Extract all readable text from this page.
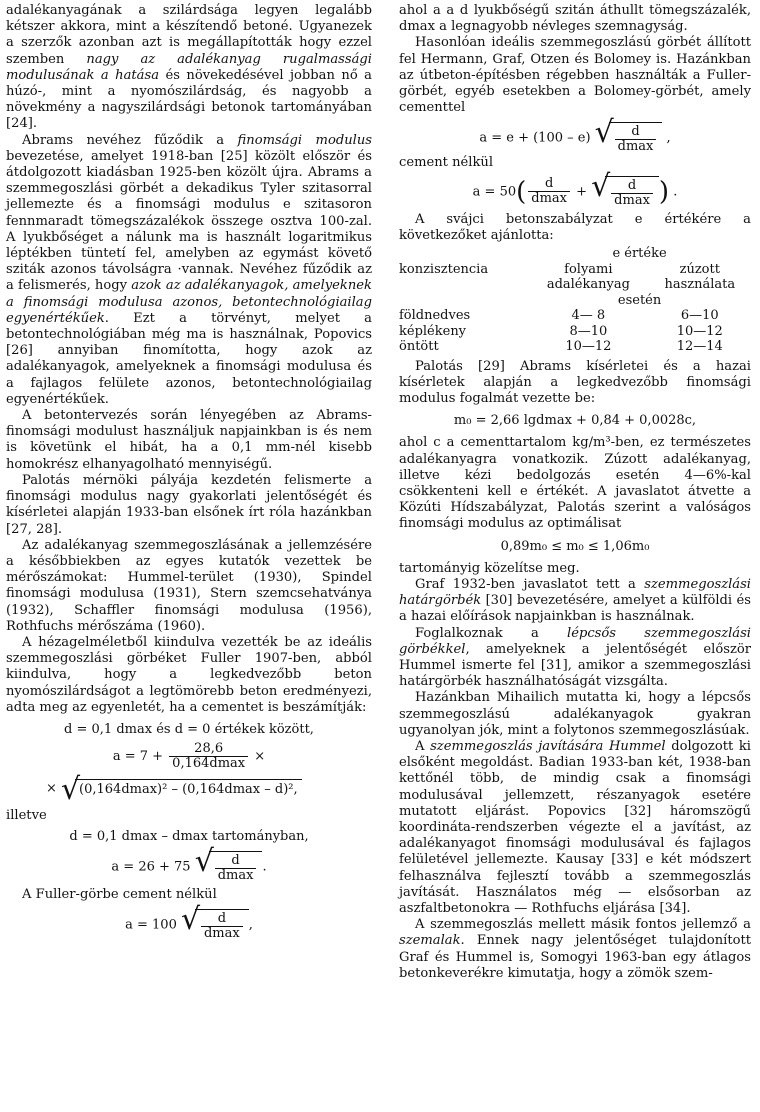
adalékanyagának a szilárdsága legyen legalább kétszer akkora, mint a készítendő betoné. Ugyanezek a szerzők azonban azt is megállapították hogy ezzel szemben nagy az adalékanyag rugalmassági modulusának a hatása és növekedésével jobban nő a húzó-, mint a nyomószilárdság, és nagyobb a növekmény a nagyszilárdsági betonok tartományában [24].

Abrams nevéhez fűződik a finomsági modulus bevezetése, amelyet 1918-ban [25] közölt először és átdolgozott kiadásban 1925-ben közölt újra. Abrams a szemmegoszlási görbét a dekadikus Tyler szitasorral jellemezte és a finomsági modulus e szitasoron fennmaradt tömegszázalékok összege osztva 100-zal. A lyukbőséget a nálunk ma is használt logaritmikus léptékben tüntetí fel, amelyben az egymást követő sziták azonos távolságra ·vannak. Nevéhez fűződik az a felismerés, hogy azok az adalékanyagok, amelyeknek a finomsági modulusa azonos, betontechnológiailag egyenértékűek. Ezt a törvényt, melyet a betontechnológiában még ma is használnak, Popovics [26] annyiban finomította, hogy azok az adalékanyagok, amelyeknek a finomsági modulusa és a fajlagos felülete azonos, betontechnológiailag egyenértékűek.

A betontervezés során lényegében az Abrams-finomsági modulust használjuk napjainkban is és nem is követünk el hibát, ha a 0,1 mm-nél kisebb homokrész elhanyagolható mennyiségű.

Palotás mérnöki pályája kezdetén felismerte a finomsági modulus nagy gyakorlati jelentőségét és kísérletei alapján 1933-ban elsőnek írt róla hazánkban [27, 28].

Az adalékanyag szemmegoszlásának a jellemzésére a későbbiekben az egyes kutatók vezettek be mérőszámokat: Hummel-terület (1930), Spindel finomsági modulusa (1931), Stern szemcsehatványa (1932), Schaffler finomsági modulusa (1956), Rothfuchs mérőszáma (1960).

A hézagelméletből kiindulva vezették be az ideális szemmegoszlási görbéket Fuller 1907-ben, abból kiindulva, hogy a legkedvezőbb beton nyomószilárdságot a legtömörebb beton eredményezi, adta meg az egyenletét, ha a cementet is beszámítják:

d = 0,1 dmax és d = 0 értékek között,
$a = 7 + \frac{28,6}{0,164dmax}$ ×
× √
(0,164dmax)² – (0,164dmax – d)²,

illetve

d = 0,1 dmax – dmax tartományban,
a = 26 + 75 √ $\frac{d}{dmax}$ .

A Fuller-görbe cement nélkül

a = 100 √ $\frac{d}{dmax}$ ,

ahol a a d lyukbőségű szitán áthullt tömegszázalék, dmax a legnagyobb névleges szemnagyság.

Hasonlóan ideális szemmegoszlású görbét állított fel Hermann, Graf, Otzen és Bolomey is. Hazánkban az útbeton-építésben régebben használták a Fuller-görbét, egyéb esetekben a Bolomey-görbét, amely cementtel

a = e + (100 – e) √ $\frac{d}{dmax}$ ,

cement nélkül

$a = 50( \frac{d}{dmax}$ + √ $\frac{d}{dmax}$ ) .

A svájci betonszabályzat e értékére a következőket ajánlotta:

	e értéke	
konzisztencia	folyami	zúzott
	adalékanyag	használata
	esetén	
földnedves	4— 8	6—10
képlékeny	8—10	10—12
öntött	10—12	12—14

Palotás [29] Abrams kísérletei és a hazai kísérletek alapján a legkedvezőbb finomsági modulus fogalmát vezette be:

m₀ = 2,66 lgdmax + 0,84 + 0,0028c,

ahol c a cementtartalom kg/m³-ben, ez természetes adalékanyagra vonatkozik. Zúzott adalékanyag, illetve kézi bedolgozás esetén 4—6%-kal csökkenteni kell e értékét. A javaslatot átvette a Közúti Hídszabályzat, Palotás szerint a valóságos finomsági modulus az optimálisat

0,89m₀ ≤ m₀ ≤ 1,06m₀

tartományig közelítse meg.

Graf 1932-ben javaslatot tett a szemmegoszlási határgörbék [30] bevezetésére, amelyet a külföldi és a hazai előírások napjainkban is használnak.

Foglalkoznak a lépcsős szemmegoszlási görbékkel, amelyeknek a jelentőségét először Hummel ismerte fel [31], amikor a szemmegoszlási határgörbék használhatóságát vizsgálta.

Hazánkban Mihailich mutatta ki, hogy a lépcsős szemmegoszlású adalékanyagok gyakran ugyanolyan jók, mint a folytonos szemmegoszlásúak.

A szemmegoszlás javítására Hummel dolgozott ki elsőként megoldást. Badian 1933-ban két, 1938-ban kettőnél több, de mindig csak a finomsági modulusával jellemzett, részanyagok esetére mutatott eljárást. Popovics [32] háromszögű koordináta-rendszerben végezte el a javítást, az adalékanyagot finomsági modulusával és fajlagos felületével jellemezte. Kausay [33] e két módszert felhasználva fejlesztí tovább a szemmegoszlás javítását. Használatos még — elsősorban az aszfaltbetonokra — Rothfuchs eljárása [34].

A szemmegoszlás mellett másik fontos jellemző a szemalak. Ennek nagy jelentőséget tulajdonított Graf és Hummel is, Somogyi 1963-ban egy átlagos betonkeverékre kimutatja, hogy a zömök szem-
